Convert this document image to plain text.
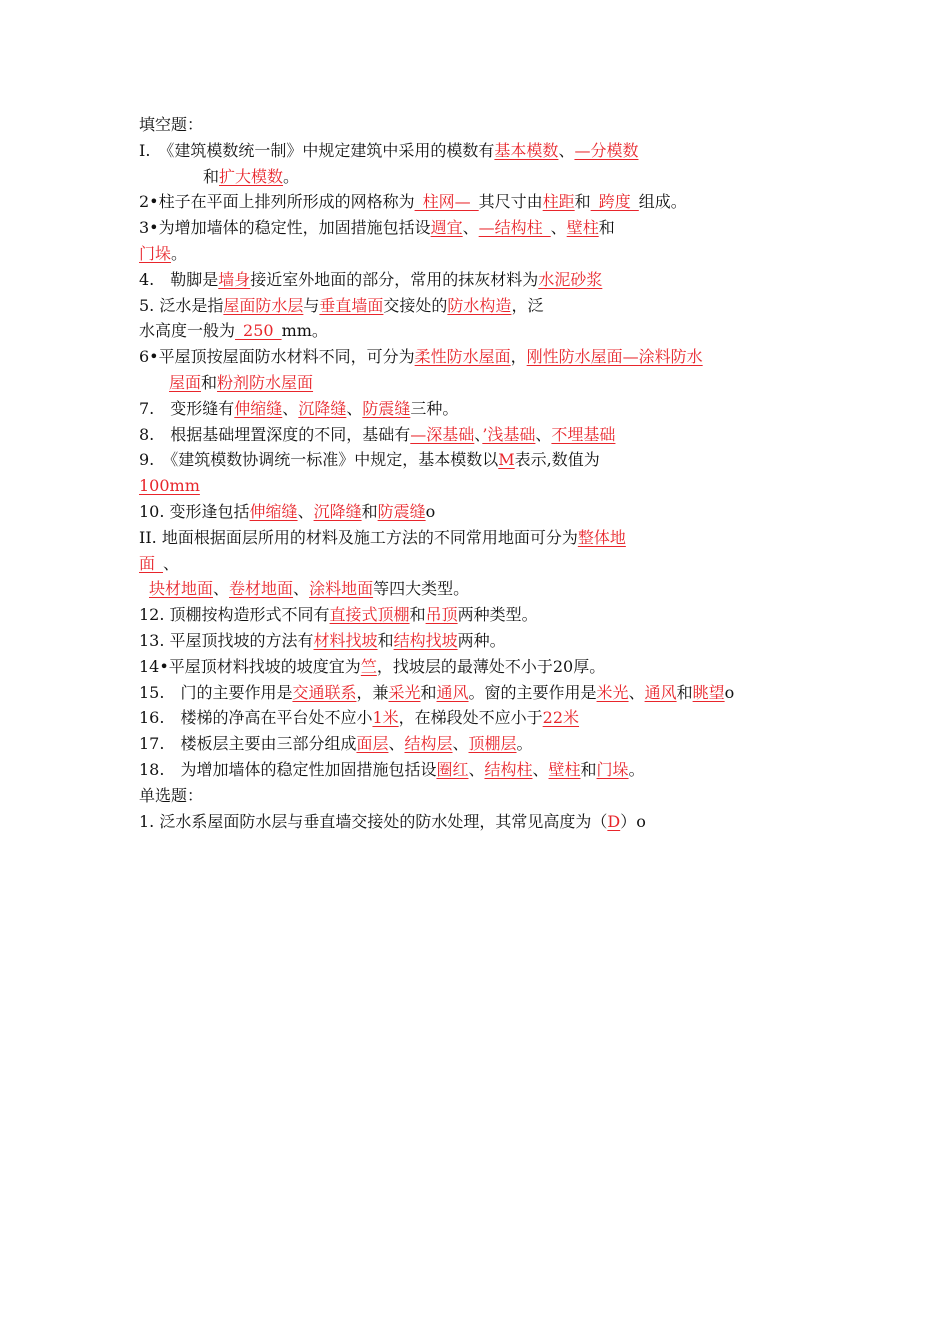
填空题：
I.　《建筑模数统一制》中规定建筑中采用的模数有基本模数、—分模数
和扩大模数。
2•柱子在平面上排列所形成的网格称为_柱网—_其尺寸由柱距和_跨度_组成。
3•为增加墙体的稳定性，加固措施包括设週宜、—结构柱_、壁柱和
门垛。
4.　勒脚是墙身接近室外地面的部分，常用的抹灰材料为水泥砂浆
5. 泛水是指屋面防水层与垂直墙面交接处的防水构造，泛
水高度一般为_250_mm。
6•平屋顶按屋面防水材料不同，可分为柔性防水屋面，刚性防水屋面—涂料防水
屋面和粉剂防水屋面
7.　变形缝有伸缩缝、沉降缝、防震缝三种。
8.　根据基础埋置深度的不同，基础有—深基础、’浅基础、不埋基础
9.　《建筑模数协调统一标准》中规定，基本模数以M表示,数值为
100mm
10. 变形逢包括伸缩缝、沉降缝和防震缝o
II. 地面根据面层所用的材料及施工方法的不同常用地面可分为整体地
面_、
块材地面、卷材地面、涂料地面等四大类型。
12. 顶棚按构造形式不同有直接式顶棚和吊顶两种类型。
13. 平屋顶找坡的方法有材料找坡和结构找坡两种。
14•平屋顶材料找坡的坡度宜为竺，找坡层的最薄处不小于20厚。
15.　门的主要作用是交通联系，兼采光和通风。窗的主要作用是米光、通风和眺望o
16.　楼梯的净高在平台处不应小1米，在梯段处不应小于22米
17.　楼板层主要由三部分组成面层、结构层、顶棚层。
18.　为增加墙体的稳定性加固措施包括设圈红、结构柱、壁柱和门垛。
单选题：
1. 泛水系屋面防水层与垂直墙交接处的防水处理，其常见高度为（D）o
